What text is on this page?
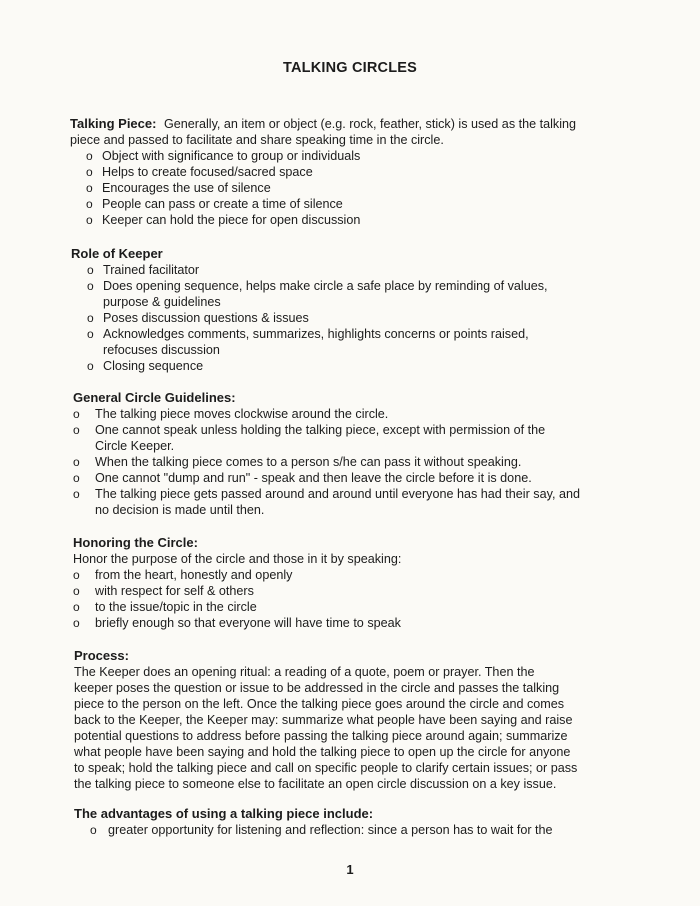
TALKING CIRCLES
Talking Piece: Generally, an item or object (e.g. rock, feather, stick) is used as the talking
piece and passed to facilitate and share speaking time in the circle.
o Object with significance to group or individuals
o Helps to create focused/sacred space
o Encourages the use of silence
o People can pass or create a time of silence
o Keeper can hold the piece for open discussion
Role of Keeper
o Trained facilitator
o Does opening sequence, helps make circle a safe place by reminding of values,
purpose & guidelines
o Poses discussion questions & issues
o Acknowledges comments, summarizes, highlights concerns or points raised,
refocuses discussion
o Closing sequence
General Circle Guidelines:
o The talking piece moves clockwise around the circle.
o One cannot speak unless holding the talking piece, except with permission of the
Circle Keeper.
o When the talking piece comes to a person s/he can pass it without speaking.
o One cannot "dump and run" - speak and then leave the circle before it is done.
o The talking piece gets passed around and around until everyone has had their say, and
no decision is made until then.
Honoring the Circle:
Honor the purpose of the circle and those in it by speaking:
o from the heart, honestly and openly
o with respect for self & others
o to the issue/topic in the circle
o briefly enough so that everyone will have time to speak
Process:
The Keeper does an opening ritual: a reading of a quote, poem or prayer. Then the
keeper poses the question or issue to be addressed in the circle and passes the talking
piece to the person on the left. Once the talking piece goes around the circle and comes
back to the Keeper, the Keeper may: summarize what people have been saying and raise
potential questions to address before passing the talking piece around again; summarize
what people have been saying and hold the talking piece to open up the circle for anyone
to speak; hold the talking piece and call on specific people to clarify certain issues; or pass
the talking piece to someone else to facilitate an open circle discussion on a key issue.
The advantages of using a talking piece include:
o greater opportunity for listening and reflection: since a person has to wait for the
1
